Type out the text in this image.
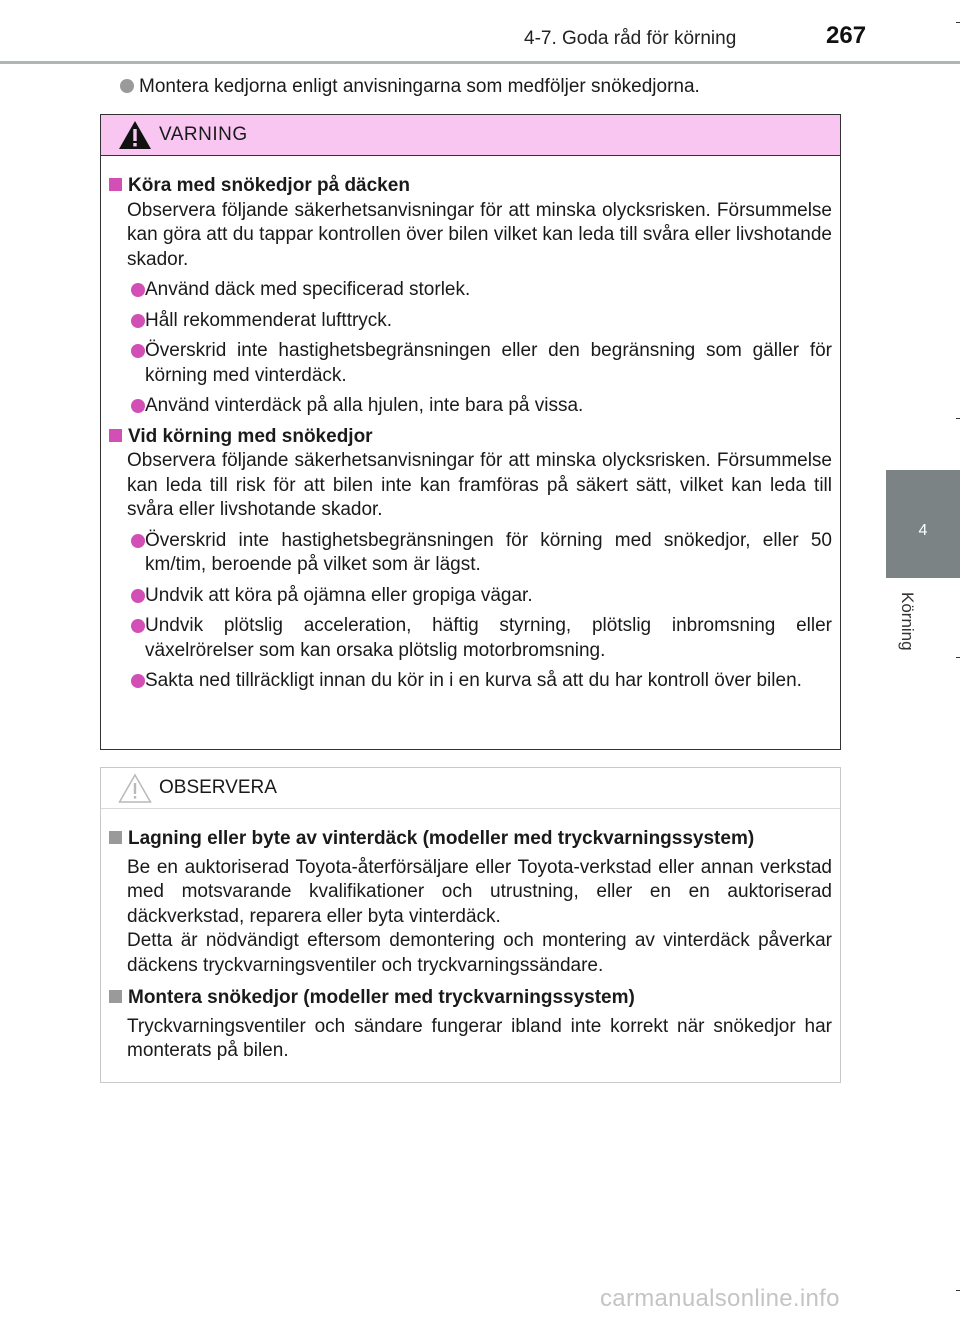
4-7. Goda råd för körning	267
4
Körning
Montera kedjorna enligt anvisningarna som medföljer snökedjorna.
VARNING
Köra med snökedjor på däcken
Observera följande säkerhetsanvisningar för att minska olycksrisken. Försummelse kan göra att du tappar kontrollen över bilen vilket kan leda till svåra eller livshotande skador.
Använd däck med specificerad storlek.
Håll rekommenderat lufttryck.
Överskrid inte hastighetsbegränsningen eller den begränsning som gäller för körning med vinterdäck.
Använd vinterdäck på alla hjulen, inte bara på vissa.
Vid körning med snökedjor
Observera följande säkerhetsanvisningar för att minska olycksrisken. Försummelse kan leda till risk för att bilen inte kan framföras på säkert sätt, vilket kan leda till svåra eller livshotande skador.
Överskrid inte hastighetsbegränsningen för körning med snökedjor, eller 50 km/tim, beroende på vilket som är lägst.
Undvik att köra på ojämna eller gropiga vägar.
Undvik plötslig acceleration, häftig styrning, plötslig inbromsning eller växelrörelser som kan orsaka plötslig motorbromsning.
Sakta ned tillräckligt innan du kör in i en kurva så att du har kontroll över bilen.
OBSERVERA
Lagning eller byte av vinterdäck (modeller med tryckvarningssystem)
Be en auktoriserad Toyota-återförsäljare eller Toyota-verkstad eller annan verkstad med motsvarande kvalifikationer och utrustning, eller en en auktoriserad däckverkstad, reparera eller byta vinterdäck.
Detta är nödvändigt eftersom demontering och montering av vinterdäck påverkar däckens tryckvarningsventiler och tryckvarningssändare.
Montera snökedjor (modeller med tryckvarningssystem)
Tryckvarningsventiler och sändare fungerar ibland inte korrekt när snökedjor har monterats på bilen.
carmanualsonline.info
